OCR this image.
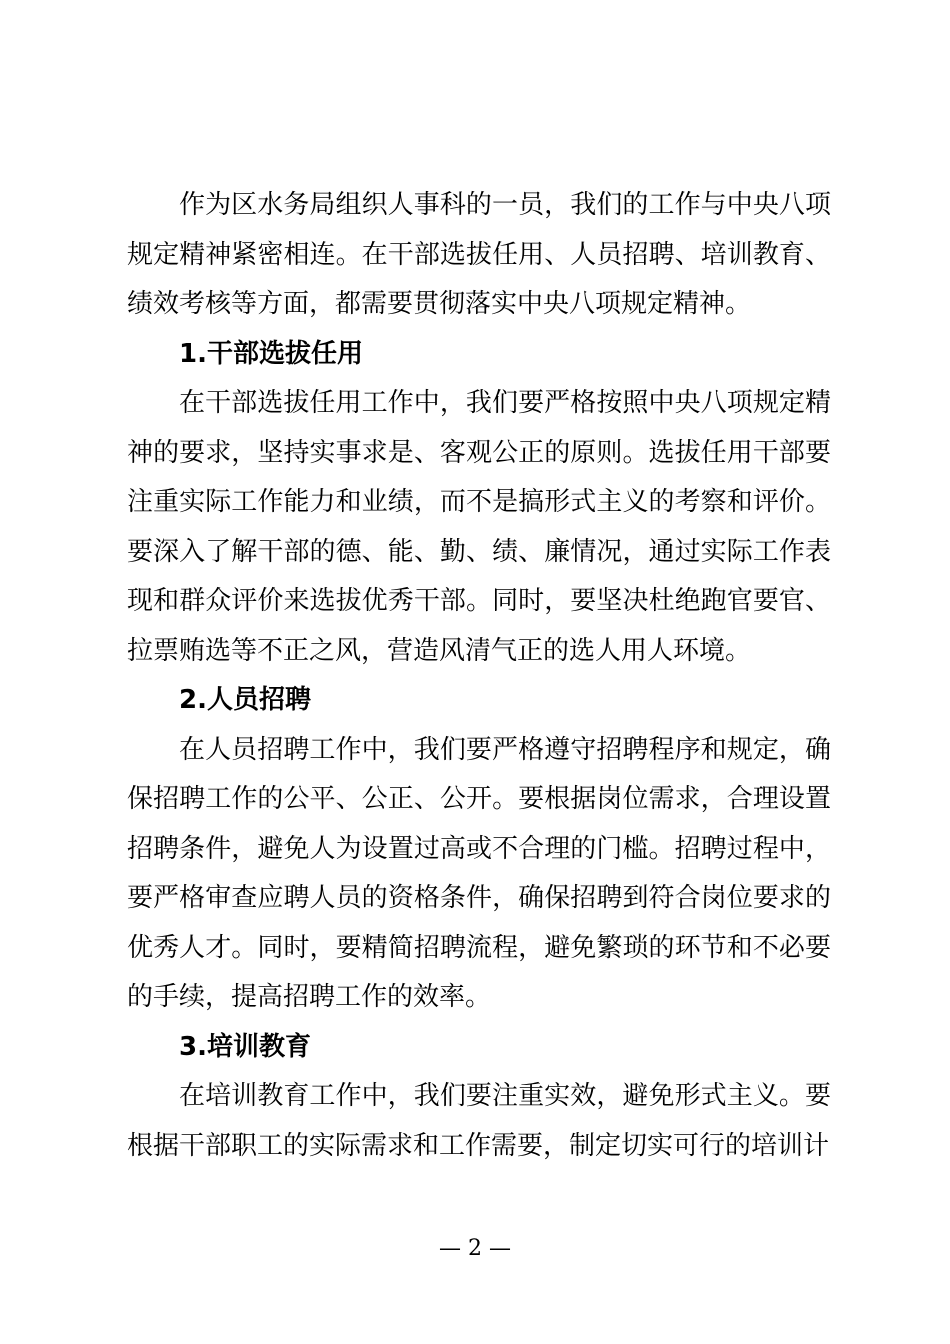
作为区水务局组织人事科的一员，我们的工作与中央八项规定精神紧密相连。在干部选拔任用、人员招聘、培训教育、绩效考核等方面，都需要贯彻落实中央八项规定精神。

1.干部选拔任用

在干部选拔任用工作中，我们要严格按照中央八项规定精神的要求，坚持实事求是、客观公正的原则。选拔任用干部要注重实际工作能力和业绩，而不是搞形式主义的考察和评价。要深入了解干部的德、能、勤、绩、廉情况，通过实际工作表现和群众评价来选拔优秀干部。同时，要坚决杜绝跑官要官、拉票贿选等不正之风，营造风清气正的选人用人环境。

2.人员招聘

在人员招聘工作中，我们要严格遵守招聘程序和规定，确保招聘工作的公平、公正、公开。要根据岗位需求，合理设置招聘条件，避免人为设置过高或不合理的门槛。招聘过程中，要严格审查应聘人员的资格条件，确保招聘到符合岗位要求的优秀人才。同时，要精简招聘流程，避免繁琐的环节和不必要的手续，提高招聘工作的效率。

3.培训教育

在培训教育工作中，我们要注重实效，避免形式主义。要根据干部职工的实际需求和工作需要，制定切实可行的培训计

— 2 —
